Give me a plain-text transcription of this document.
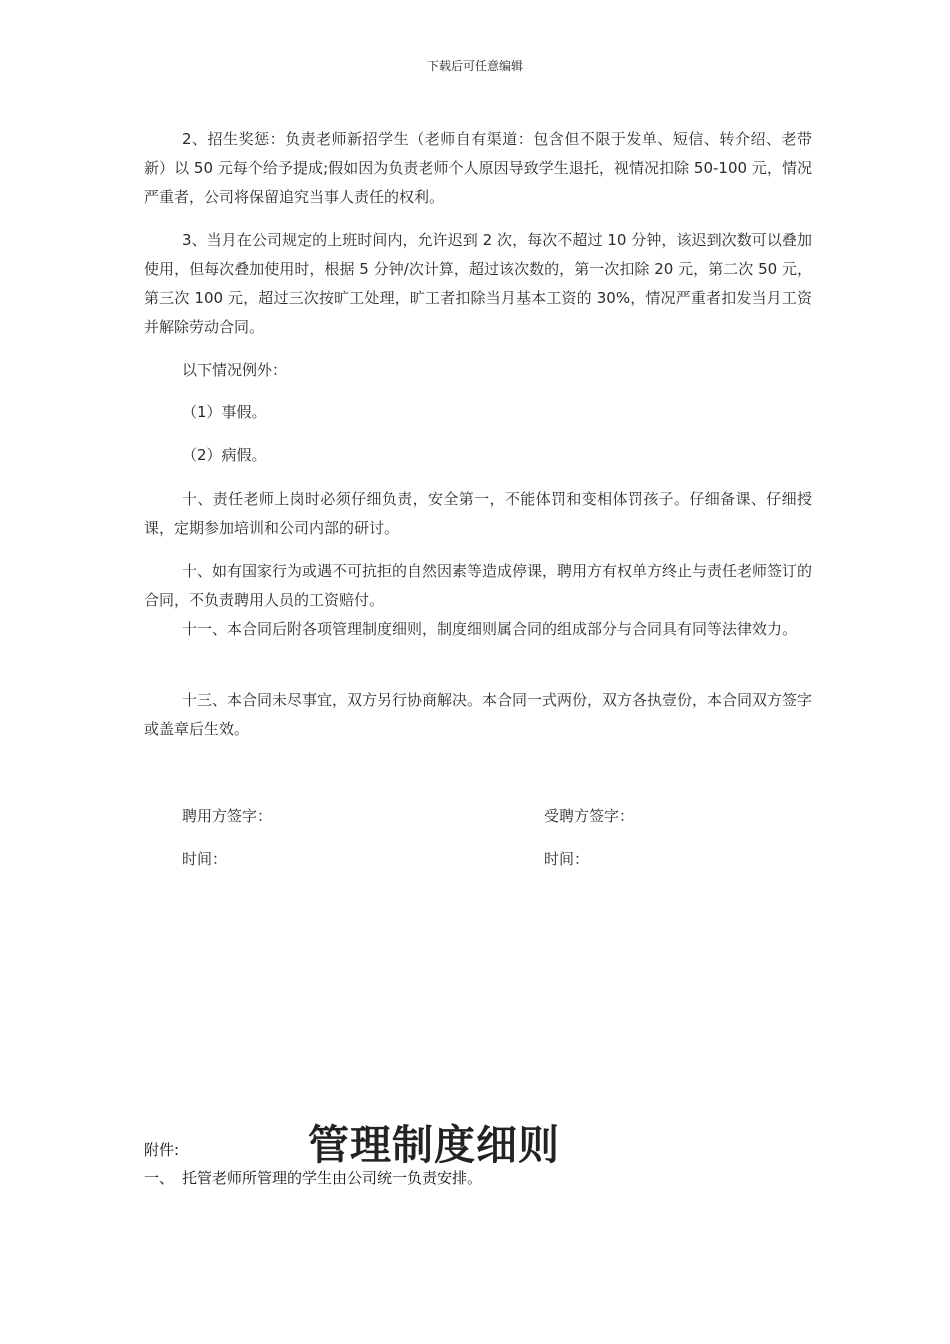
下载后可任意编辑

2、招生奖惩：负责老师新招学生（老师自有渠道：包含但不限于发单、短信、转介绍、老带新）以 50 元每个给予提成;假如因为负责老师个人原因导致学生退托，视情况扣除 50-100 元，情况严重者，公司将保留追究当事人责任的权利。

3、当月在公司规定的上班时间内，允许迟到 2 次，每次不超过 10 分钟，该迟到次数可以叠加使用，但每次叠加使用时，根据 5 分钟/次计算，超过该次数的，第一次扣除 20 元，第二次 50 元，第三次 100 元，超过三次按旷工处理，旷工者扣除当月基本工资的 30%，情况严重者扣发当月工资并解除劳动合同。

以下情况例外：

（1）事假。

（2）病假。

十、责任老师上岗时必须仔细负责，安全第一，不能体罚和变相体罚孩子。仔细备课、仔细授课，定期参加培训和公司内部的研讨。

十、如有国家行为或遇不可抗拒的自然因素等造成停课，聘用方有权单方终止与责任老师签订的合同，不负责聘用人员的工资赔付。

十一、本合同后附各项管理制度细则，制度细则属合同的组成部分与合同具有同等法律效力。

十三、本合同未尽事宜，双方另行协商解决。本合同一式两份，双方各执壹份，本合同双方签字或盖章后生效。

聘用方签字：	受聘方签字：
时间：	时间：
附件:	管理制度细则
一、 托管老师所管理的学生由公司统一负责安排。
